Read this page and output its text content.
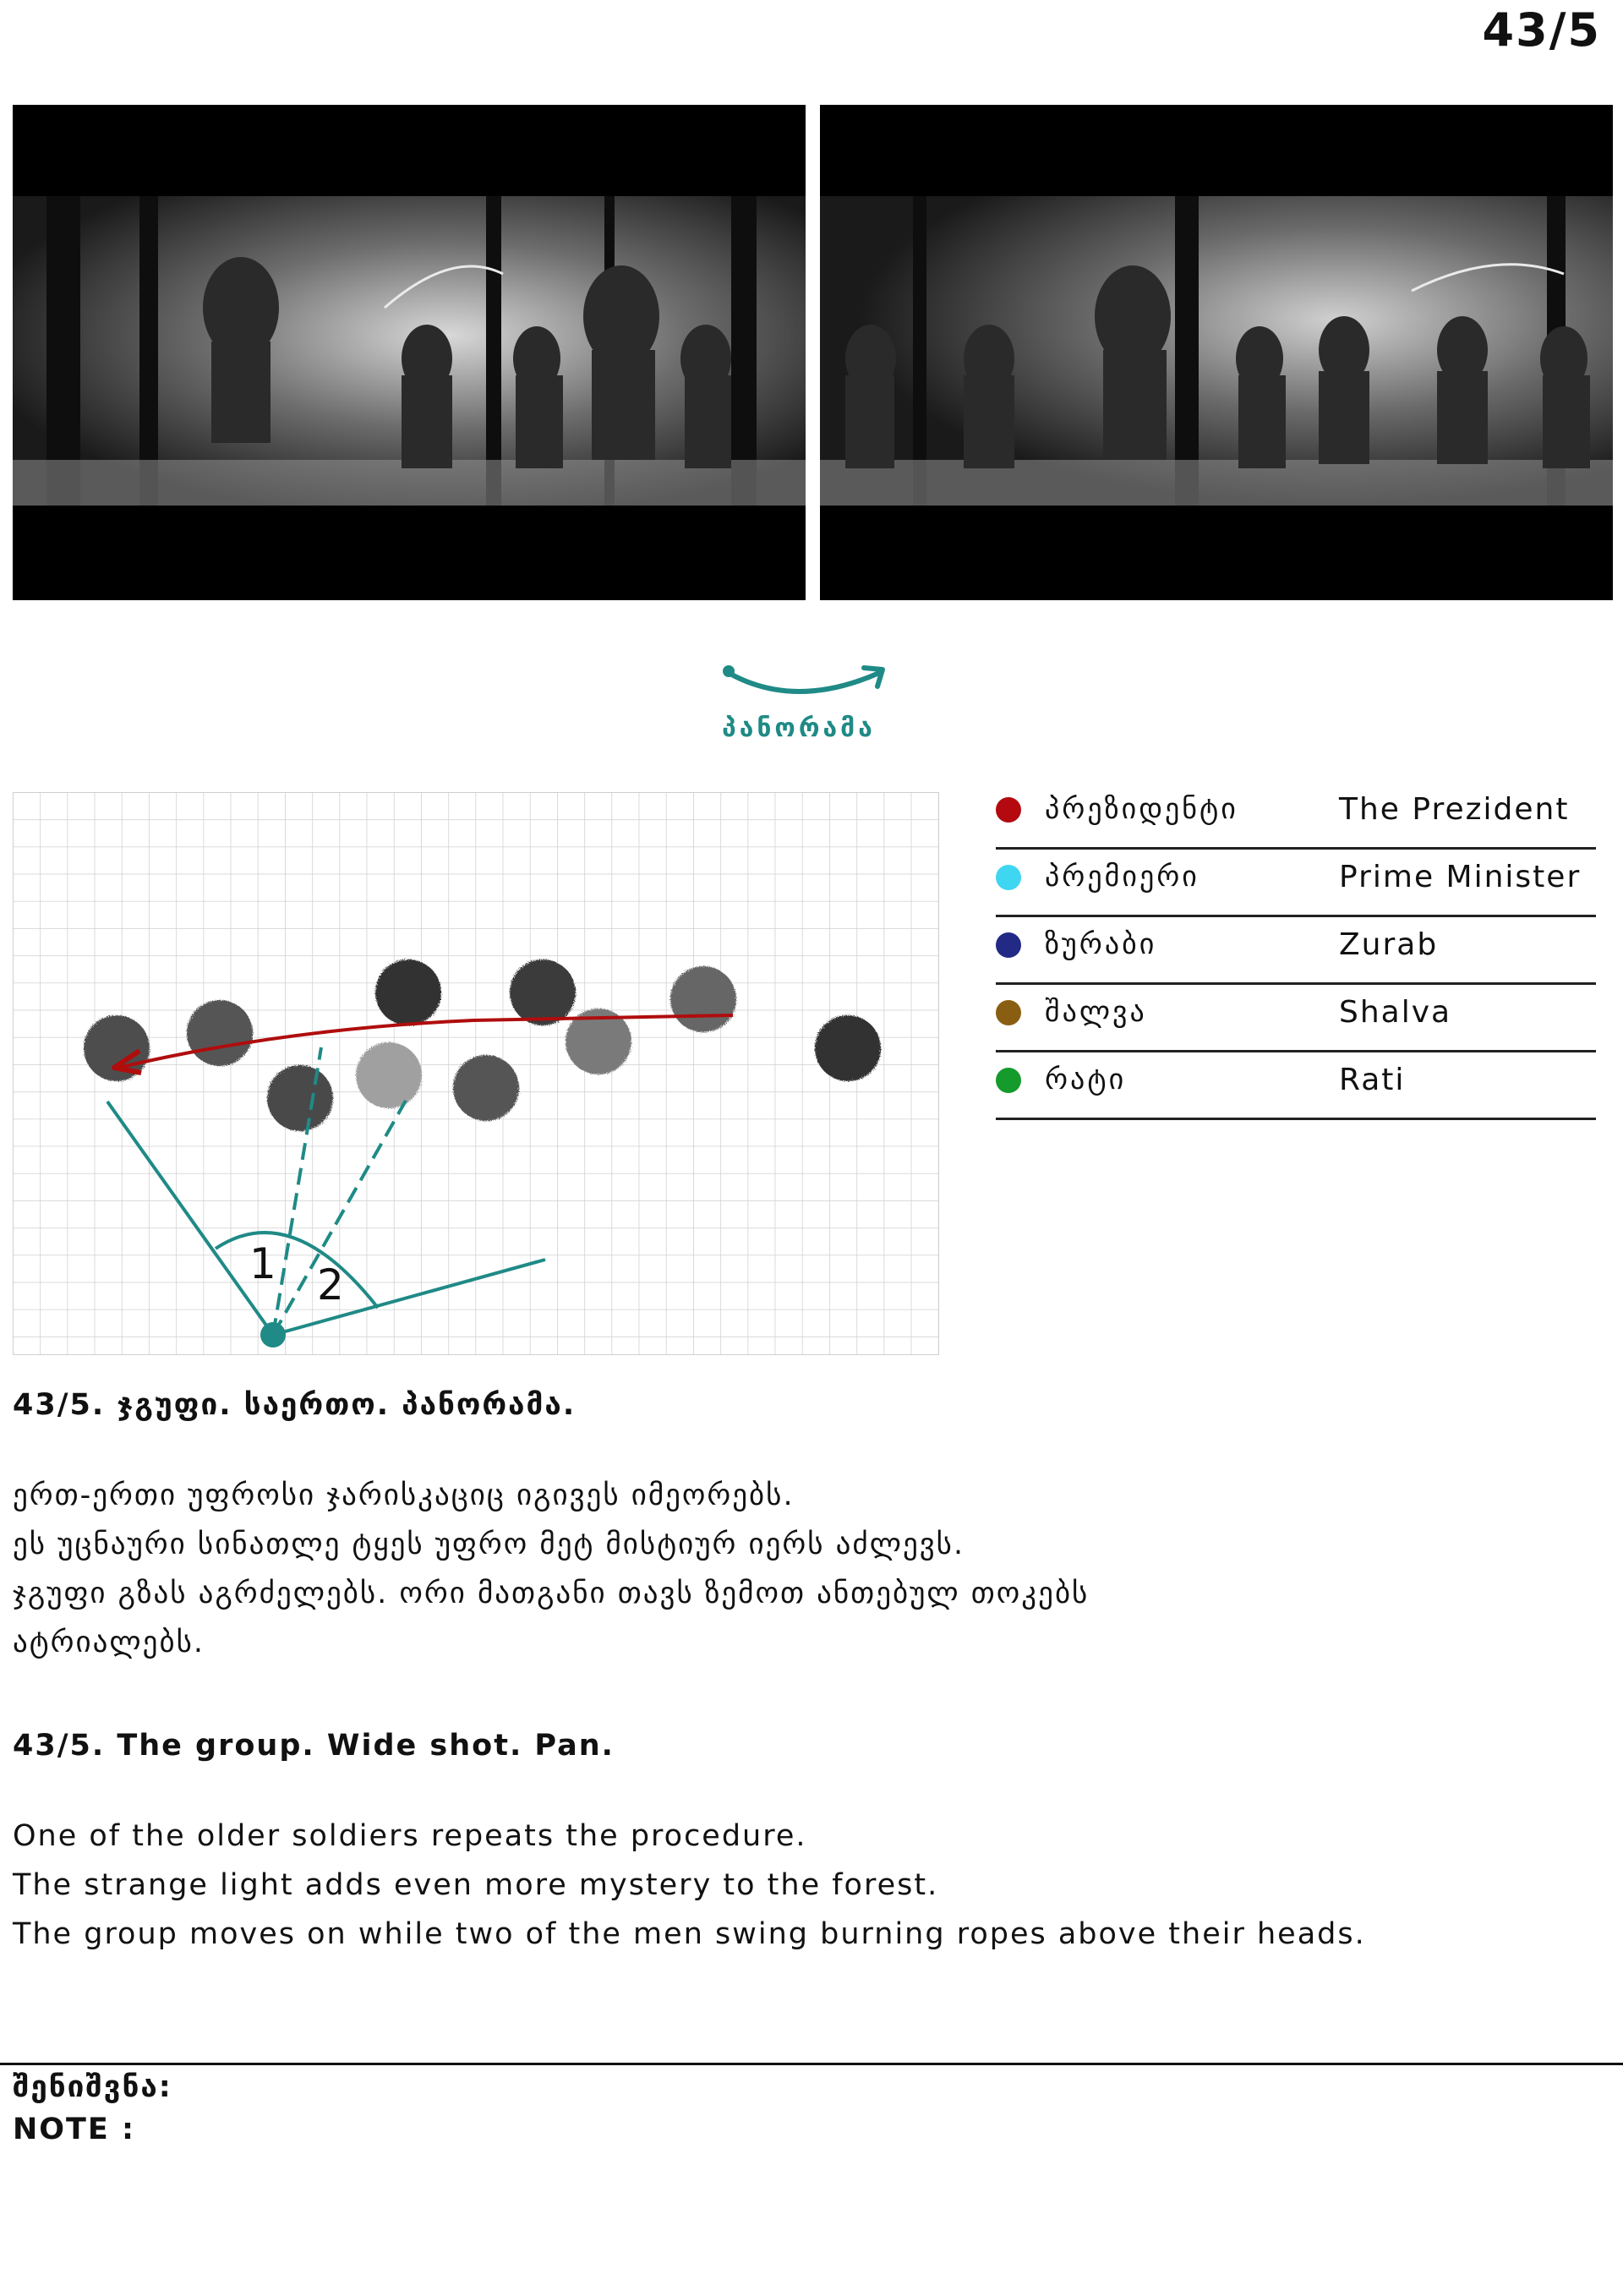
43/5
პანორამა
1 2
პრეზიდენტი	The Prezident
პრემიერი	Prime Minister
ზურაბი	Zurab
შალვა	Shalva
რატი	Rati
43/5. ჯგუფი. საერთო. პანორამა.

ერთ-ერთი უფროსი ჯარისკაციც იგივეს იმეორებს.

ეს უცნაური სინათლე ტყეს უფრო მეტ მისტიურ იერს აძლევს.

ჯგუფი გზას აგრძელებს. ორი მათგანი თავს ზემოთ ანთებულ თოკებს

ატრიალებს.

43/5. The group. Wide shot. Pan.

One of the older soldiers repeats the procedure.

The strange light adds even more mystery to the forest.

The group moves on while two of the men swing burning ropes above their heads.

შენიშვნა:
NOTE :
